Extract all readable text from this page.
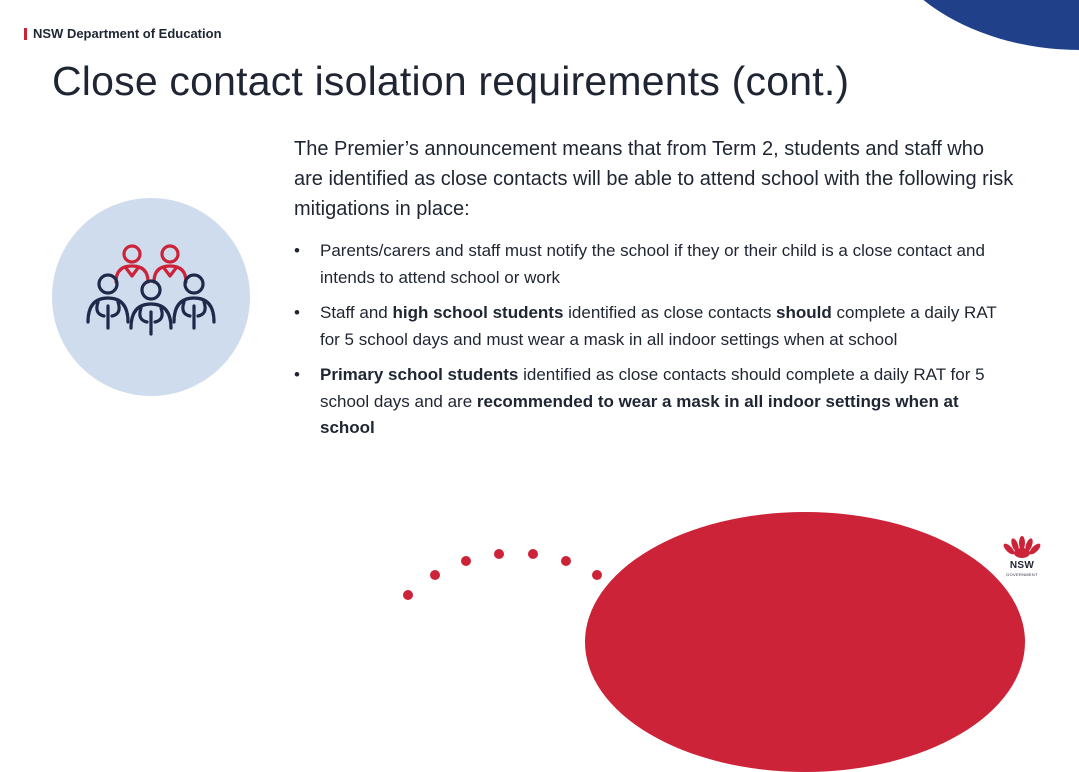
NSW Department of Education
Close contact isolation requirements (cont.)

The Premier’s announcement means that from Term 2, students and staff who are identified as close contacts will be able to attend school with the following risk mitigations in place:

• Parents/carers and staff must notify the school if they or their child is a close contact and intends to attend school or work
• Staff and high school students identified as close contacts should complete a daily RAT for 5 school days and must wear a mask in all indoor settings when at school
• Primary school students identified as close contacts should complete a daily RAT for 5 school days and are recommended to wear a mask in all indoor settings when at school
NSW
GOVERNMENT
